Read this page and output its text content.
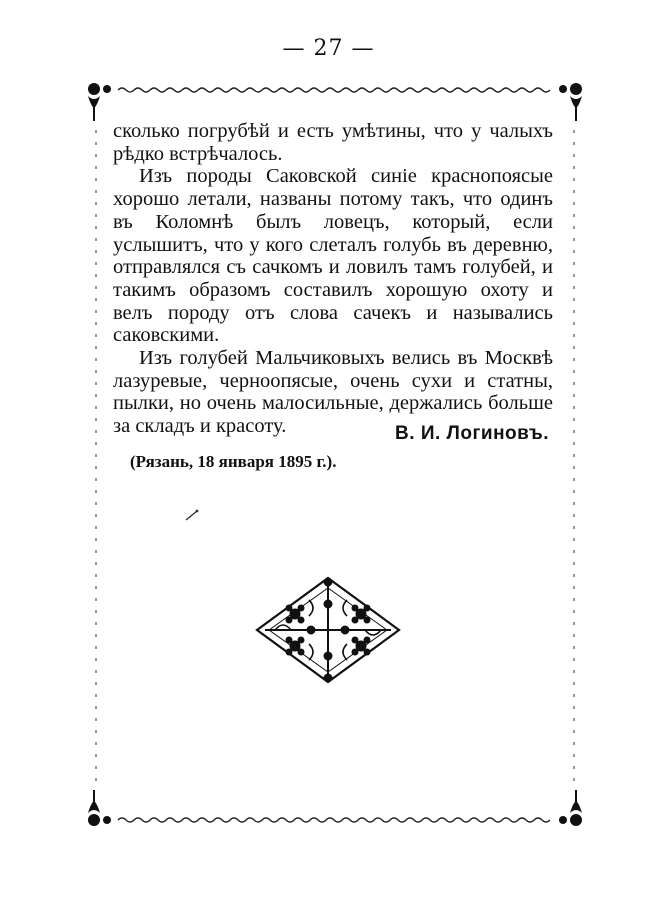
— 27 —

сколько погрубѣй и есть умѣтины, что у чалыхъ рѣдко встрѣчалось.

Изъ породы Саковской синіе краснопоясые хорошо летали, названы потому такъ, что одинъ въ Коломнѣ былъ ловецъ, который, если услышитъ, что у кого слеталъ голубь въ деревню, отправлялся съ сачкомъ и ловилъ тамъ голубей, и такимъ образомъ составилъ хорошую охоту и велъ породу отъ слова сачекъ и назывались саковскими.

Изъ голубей Мальчиковыхъ велись въ Москвѣ лазуревые, черноопясые, очень сухи и статны, пылки, но очень малосильные, держались больше за складъ и красоту.	В. И. Логиновъ.
(Рязань, 18 января 1895 г.).
